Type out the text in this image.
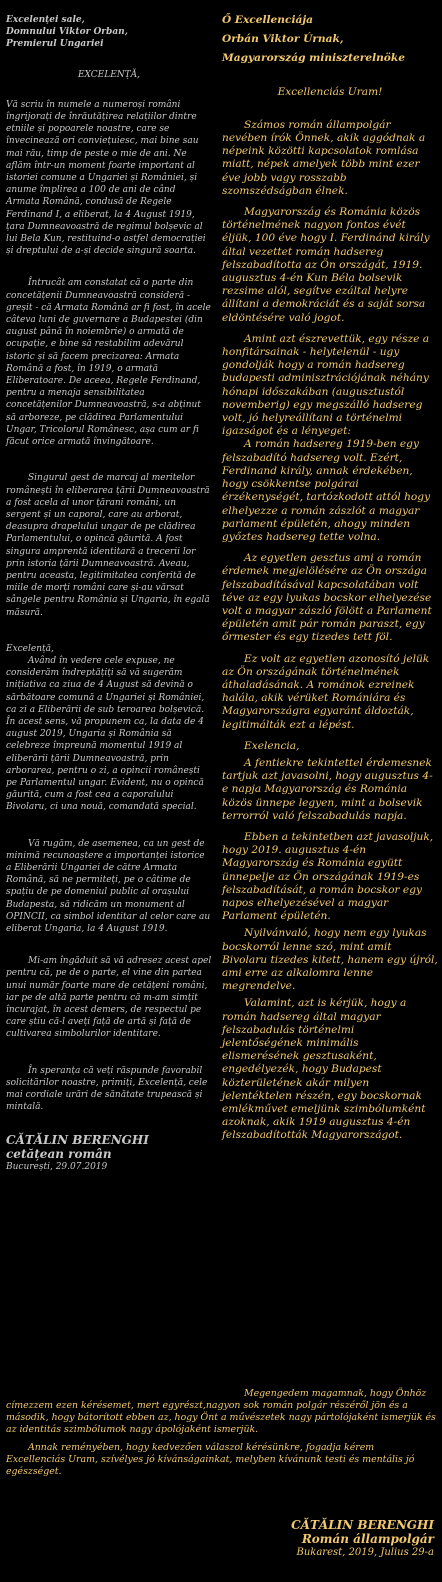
Excelenței sale,

Domnului Viktor Orban,

Premierul Ungariei

EXCELENȚĂ,

Vă scriu în numele a numeroși români îngrijorați de înrăutățirea relațiilor dintre etniile și popoarele noastre, care se învecinează ori conviețuiesc, mai bine sau mai rău, timp de peste o mie de ani. Ne aflăm într-un moment foarte important al istoriei comune a Ungariei și României, și anume împlirea a 100 de ani de când Armata Română, condusă de Regele Ferdinand I, a eliberat, la 4 August 1919, țara Dumneavoastră de regimul bolșevic al lui Bela Kun, restituind-o astfel democrației și dreptului de a-și decide singură soarta.

Întrucât am constatat că o parte din concetățenii Dumneavoastră consideră - greșit - că Armata Română ar fi fost, în acele câteva luni de guvernare a Budapestei (din august până în noiembrie) o armată de ocupație, e bine să restabilim adevărul istoric și să facem precizarea: Armata Română a fost, în 1919, o armată Eliberatoare. De aceea, Regele Ferdinand, pentru a menaja sensibilitatea concetățenilor Dumneavoastră, s-a abținut să arboreze, pe clădirea Parlamentului Ungar, Tricolorul Românesc, așa cum ar fi făcut orice armată învingătoare.

Singurul gest de marcaj al meritelor românești în eliberarea țării Dumneavoastră a fost acela al unor țărani români, un sergent și un caporal, care au arborat, deasupra drapelului ungar de pe clădirea Parlamentului, o opincă găurită. A fost singura amprentă identitară a trecerii lor prin istoria țării Dumneavoastră. Aveau, pentru aceasta, legitimitatea conferită de miile de morți români care și-au vărsat sângele pentru România și Ungaria, în egală măsură.

Excelență,

Având în vedere cele expuse, ne considerăm îndreptățiți să vă sugerăm inițiativa ca ziua de 4 August să devină o sărbătoare comună a Ungariei și României, ca zi a Eliberării de sub teroarea bolșevică. În acest sens, vă propunem ca, la data de 4 august 2019, Ungaria și România să celebreze împreună momentul 1919 al eliberării țării Dumneavoastră, prin arborarea, pentru o zi, a opincii românești pe Parlamentul ungar. Evident, nu o opincă găurită, cum a fost cea a caporalului Bivolaru, ci una nouă, comandată special.

Vă rugăm, de asemenea, ca un gest de minimă recunoaștere a importanței istorice a Eliberării Ungariei de către Armata Română, să ne permiteți, pe o câtime de spațiu de pe domeniul public al orașului Budapesta, să ridicăm un monument al OPINCII, ca simbol identitar al celor care au eliberat Ungaria, la 4 August 1919.

Mi-am îngăduit să vă adresez acest apel pentru că, pe de o parte, el vine din partea unui număr foarte mare de cetățeni români, iar pe de altă parte pentru că m-am simțit încurajat, în acest demers, de respectul pe care știu că-l aveți față de artă și față de cultivarea simbolurilor identitare.

În speranța că veți răspunde favorabil solicitărilor noastre, primiți, Excelență, cele mai cordiale urări de sănătate trupească și mintală.

CĂTĂLIN BERENGHI
cetățean român
București, 29.07.2019

Ő Excellenciája

Orbán Viktor Úrnak,

Magyarország miniszterelnöke

Excellenciás Uram!

Számos román állampolgár nevében írók Önnek, akik aggódnak a népeink közötti kapcsolatok romlása miatt, népek amelyek több mint ezer éve jobb vagy rosszabb szomszédságban élnek.

Magyarország és Románia közös történelmének nagyon fontos évét éljük, 100 éve hogy I. Ferdinánd király által vezettet román hadsereg felszabadította az Ön országát, 1919. augusztus 4-én Kun Béla bolsevik rezsime alól, segítve ezáltal helyre állítani a demokráciát és a saját sorsa eldöntésére való jogot.

Amint azt észrevettük, egy része a honfitársainak - helytelenül - ugy gondolják hogy a román hadsereg budapesti adminisztrációjának néhány hónapi időszakában (augusztustól novemberig) egy megszálló hadsereg volt, jó helyreállítani a történelmi igazságot és a lényeget:

A román hadsereg 1919-ben egy felszabadító hadsereg volt. Ezért, Ferdinand király, annak érdekében, hogy csökkentse polgárai érzékenységét, tartózkodott attól hogy elhelyezze a román zászlót a magyar parlament épületén, ahogy minden győztes hadsereg tette volna.

Az egyetlen gesztus ami a román érdemek megjelölésére az Ön országa felszabadításával kapcsolatában volt téve az egy lyukas bocskor elhelyezése volt a magyar zászló fölött a Parlament épületén amit pár román paraszt, egy őrmester és egy tizedes tett föl.

Ez volt az egyetlen azonosító jelük az Ön országának történelmének áthaladásának. A románok ezreinek halála, akik vérüket Romániára és Magyarországra egyaránt áldozták, legitimálták ezt a lépést.

Exelencia,

A fentiekre tekintettel érdemesnek tartjuk azt javasolni, hogy augusztus 4-e napja Magyarország és Románia közös ünnepe legyen, mint a bolsevik terrorról való felszabadulás napja.

Ebben a tekintetben azt javasoljuk, hogy 2019. augusztus 4-én Magyarország és Románia együtt ünnepelje az Ön országának 1919-es felszabadítását, a román bocskor egy napos elhelyezésével a magyar Parlament épületén.

Nyilvánvaló, hogy nem egy lyukas bocskorról lenne szó, mint amit Bivolaru tizedes kitett, hanem egy újról, ami erre az alkalomra lenne megrendelve.

Valamint, azt is kérjük, hogy a román hadsereg által magyar felszabadulás történelmi jelentőségének minimális elismerésének gesztusaként, engedélyezék, hogy Budapest közterületének akár milyen jelentéktelen részén, egy bocskornak emlékművet emeljünk szimbólumként azoknak, akik 1919 augusztus 4-én felszabadították Magyarországot.

Megengedem magamnak, hogy Önhöz címezzem ezen kérésemet, mert egyrészt,nagyon sok román polgár részéről jön és a második, hogy bátorított ebben az, hogy Önt a művészetek nagy pártolójaként ismerjük és az identitás szimbólumok nagy ápolójaként ismerjük.

Annak reményében, hogy kedvezően válaszol kérésünkre, fogadja kérem Excellenciás Uram, szívélyes jó kívánságainkat, melyben kívánunk testi és mentális jó egészséget.

CĂTĂLIN BERENGHI
Román állampolgár
Bukarest, 2019, Julius 29-a
